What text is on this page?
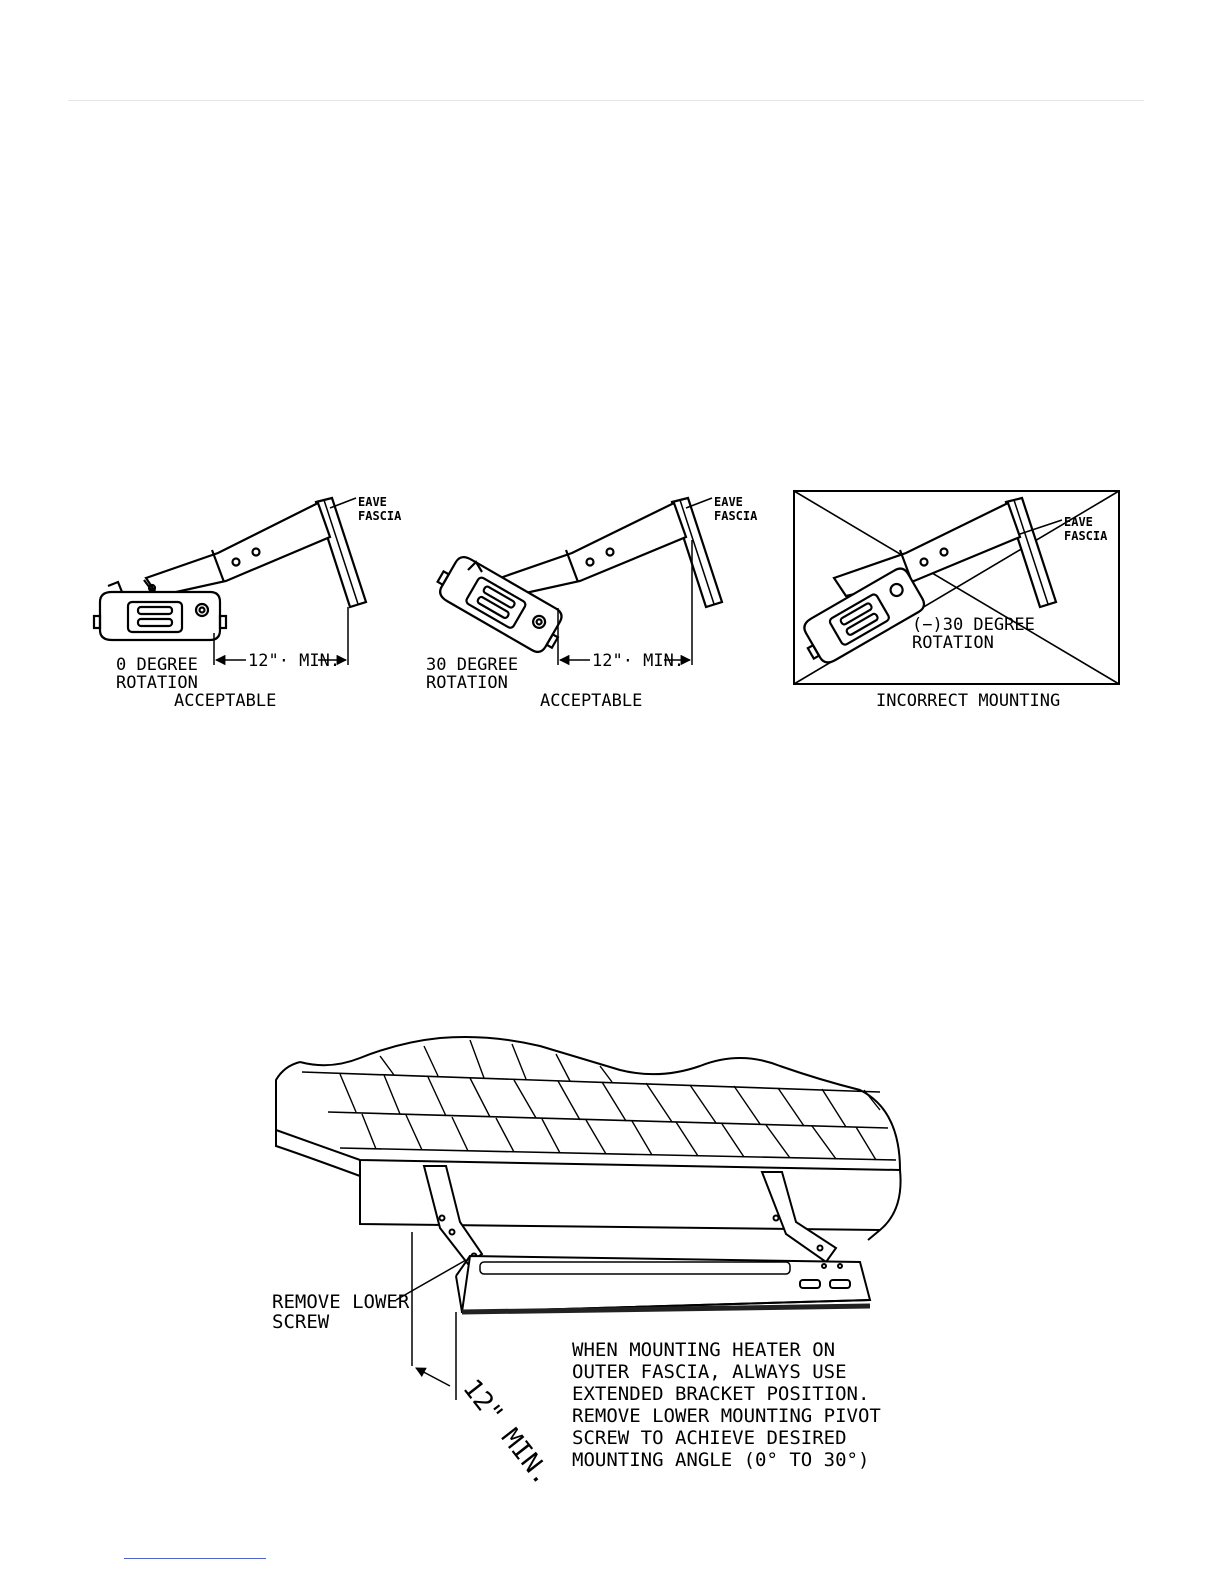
EAVE
FASCIA
12"· MIN.
0 DEGREE
ROTATION
ACCEPTABLE
EAVE
FASCIA
12"· MIN.
30 DEGREE
ROTATION
ACCEPTABLE
EAVE
FASCIA
(−)30 DEGREE
ROTATION
INCORRECT MOUNTING
REMOVE LOWER
SCREW
12" MIN.
WHEN MOUNTING HEATER ON
OUTER FASCIA, ALWAYS USE
EXTENDED BRACKET POSITION.
REMOVE LOWER MOUNTING PIVOT
SCREW TO ACHIEVE DESIRED
MOUNTING ANGLE (0° TO 30°)
